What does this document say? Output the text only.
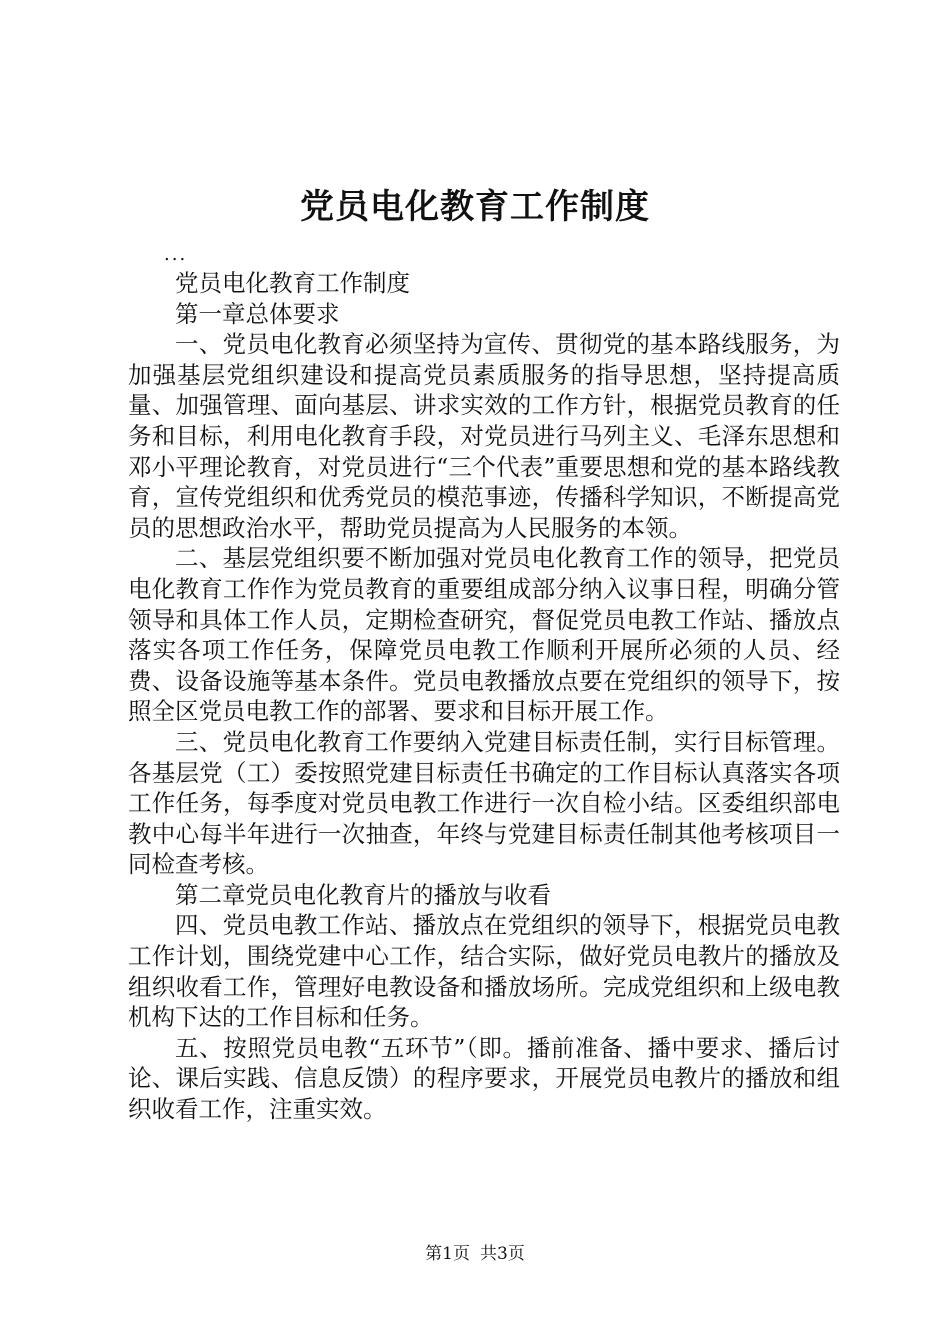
党员电化教育工作制度

...

党员电化教育工作制度

第一章总体要求

一、党员电化教育必须坚持为宣传、贯彻党的基本路线服务，为加强基层党组织建设和提高党员素质服务的指导思想，坚持提高质量、加强管理、面向基层、讲求实效的工作方针，根据党员教育的任务和目标，利用电化教育手段，对党员进行马列主义、毛泽东思想和邓小平理论教育，对党员进行“三个代表”重要思想和党的基本路线教育，宣传党组织和优秀党员的模范事迹，传播科学知识，不断提高党员的思想政治水平，帮助党员提高为人民服务的本领。

二、基层党组织要不断加强对党员电化教育工作的领导，把党员电化教育工作作为党员教育的重要组成部分纳入议事日程，明确分管领导和具体工作人员，定期检查研究，督促党员电教工作站、播放点落实各项工作任务，保障党员电教工作顺利开展所必须的人员、经费、设备设施等基本条件。党员电教播放点要在党组织的领导下，按照全区党员电教工作的部署、要求和目标开展工作。

三、党员电化教育工作要纳入党建目标责任制，实行目标管理。各基层党（工）委按照党建目标责任书确定的工作目标认真落实各项工作任务，每季度对党员电教工作进行一次自检小结。区委组织部电教中心每半年进行一次抽查，年终与党建目标责任制其他考核项目一同检查考核。

第二章党员电化教育片的播放与收看

四、党员电教工作站、播放点在党组织的领导下，根据党员电教工作计划，围绕党建中心工作，结合实际，做好党员电教片的播放及组织收看工作，管理好电教设备和播放场所。完成党组织和上级电教机构下达的工作目标和任务。

五、按照党员电教“五环节”（即。播前准备、播中要求、播后讨论、课后实践、信息反馈）的程序要求，开展党员电教片的播放和组织收看工作，注重实效。

第1页 共3页
